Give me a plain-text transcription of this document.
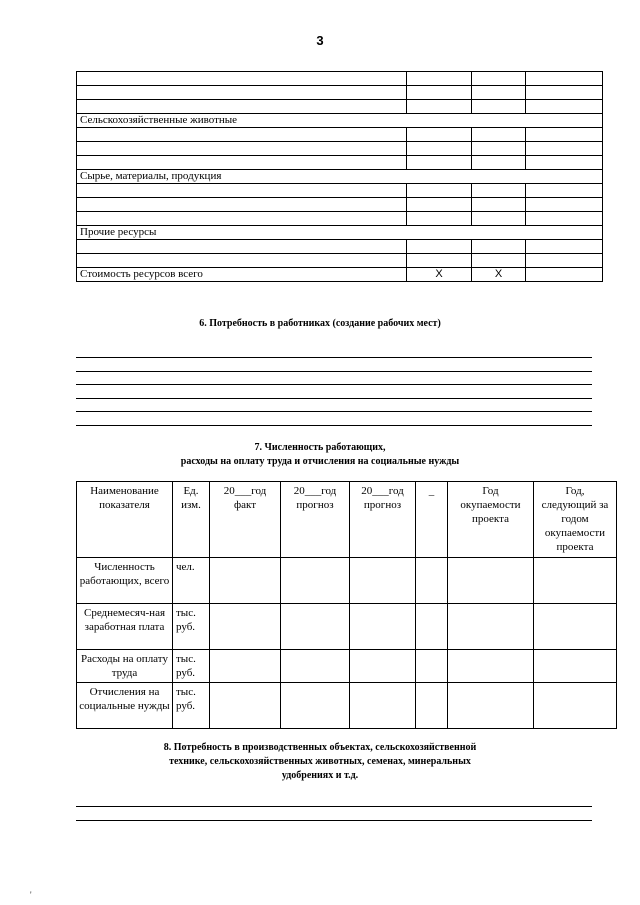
3

Сельскохозяйственные животные			

Сырье, материалы, продукция			

Прочие ресурсы			

Стоимость ресурсов всего	X	X	
6. Потребность в работниках (создание рабочих мест)
7. Численность работающих,
расходы на оплату труда и отчисления на социальные нужды
Наименование показателя	Ед. изм.	20___год факт	20___год прогноз	20___год прогноз	_	Год окупаемости проекта	Год, следующий за годом окупаемости проекта
Численность работающих, всего	чел.						
Среднемесяч-ная заработная плата	тыс. руб.						
Расходы на оплату труда	тыс. руб.						
Отчисления на социальные нужды	тыс. руб.						
8. Потребность в производственных объектах, сельскохозяйственной
технике, сельскохозяйственных животных, семенах, минеральных
удобрениях и т.д.
'
